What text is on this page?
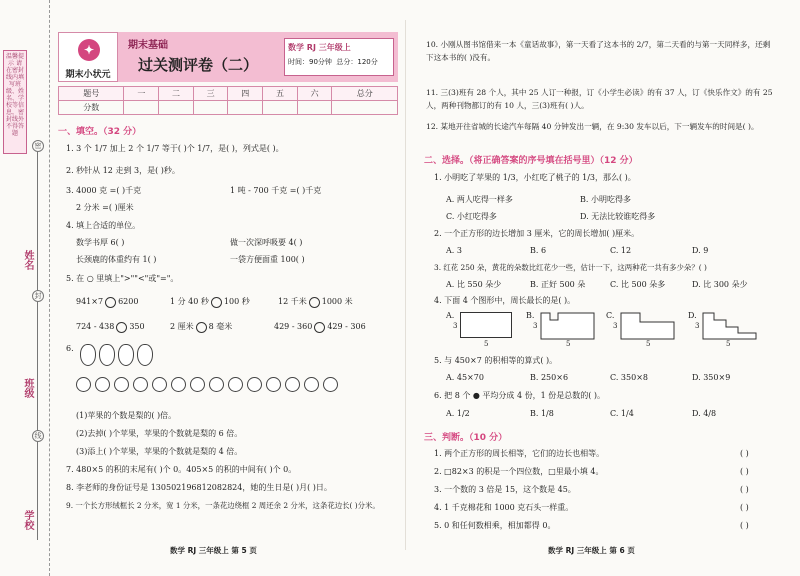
温馨提示 请在密封线内填写班级、姓名、学校等信息，密封线外不得答题
密
封
线
姓名
班级
学校
✦
期末小状元
期末基础
过关测评卷（二）
数学 RJ 三年级上
时间：90分钟 总分：120分
题号	一	二	三	四	五	六	总分
分数							
一、填空。（32 分）
1. 3 个 1/7 加上 2 个 1/7 等于( )个 1/7，是( )，列式是( )。
2. 秒针从 12 走到 3，是( )秒。
3. 4000 克 =( )千克	1 吨 - 700 千克 =( )千克
2 分米 =( )厘米
4. 填上合适的单位。
数学书厚 6( )	做一次深呼吸要 4( )
长颈鹿的体重约有 1( )	一袋方便面重 100( )
5. 在 ○ 里填上">""<"或"="。
941×7 6200	1 分 40 秒 100 秒	12 千米 1000 米
724 - 438 350	2 厘米 8 毫米	429 - 360 429 - 306
6.
(1)苹果的个数是梨的( )倍。
(2)去掉( )个苹果，苹果的个数就是梨的 6 倍。
(3)添上( )个苹果，苹果的个数就是梨的 4 倍。
7. 480×5 的积的末尾有( )个 0。405×5 的积的中间有( )个 0。
8. 李老师的身份证号是 130502196812082824，她的生日是( )月( )日。
9. 一个长方形绒框长 2 分米，宽 1 分米，一条花边绕框 2 周还余 2 分米，这条花边长( )分米。
数学 RJ 三年级上 第 5 页
10. 小刚从图书馆借来一本《童话故事》，第一天看了这本书的 2/7，第二天看的与第一天同样多，还剩下这本书的( )没有。
11. 三(3)班有 28 个人，其中 25 人订一种报，订《小学生必读》的有 37 人，订《快乐作文》的有 25 人，两种刊物都订的有 10 人，三(3)班有( )人。
12. 某地开往省城的长途汽车每隔 40 分钟发出一辆，在 9:30 发车以后，下一辆发车的时间是( )。
二、选择。（将正确答案的序号填在括号里）（12 分）
1. 小明吃了苹果的 1/3，小红吃了桃子的 1/3，那么( )。
A. 两人吃得一样多	B. 小明吃得多
C. 小红吃得多	D. 无法比较谁吃得多
2. 一个正方形的边长增加 3 厘米，它的周长增加( )厘米。
A. 3	B. 6	C. 12	D. 9
3. 红花 250 朵，黄花的朵数比红花少一些，估计一下，这两种花一共有多少朵？( )
A. 比 550 朵少	B. 正好 500 朵	C. 比 500 朵多	D. 比 300 朵少
4. 下面 4 个图形中，周长最长的是( )。
A.
3
5
B.
3
5
C.
3
5
D.
3
5
5. 与 450×7 的积相等的算式( )。
A. 45×70	B. 250×6	C. 350×8	D. 350×9
6. 把 8 个 ● 平均分成 4 份，1 份是总数的( )。
A. 1/2	B. 1/8	C. 1/4	D. 4/8
三、判断。（10 分）
1. 两个正方形的周长相等，它们的边长也相等。	( )
2. □82×3 的积是一个四位数，□里最小填 4。	( )
3. 一个数的 3 倍是 15，这个数是 45。	( )
4. 1 千克棉花和 1000 克石头一样重。	( )
5. 0 和任何数相乘，相加都得 0。	( )
数学 RJ 三年级上 第 6 页
